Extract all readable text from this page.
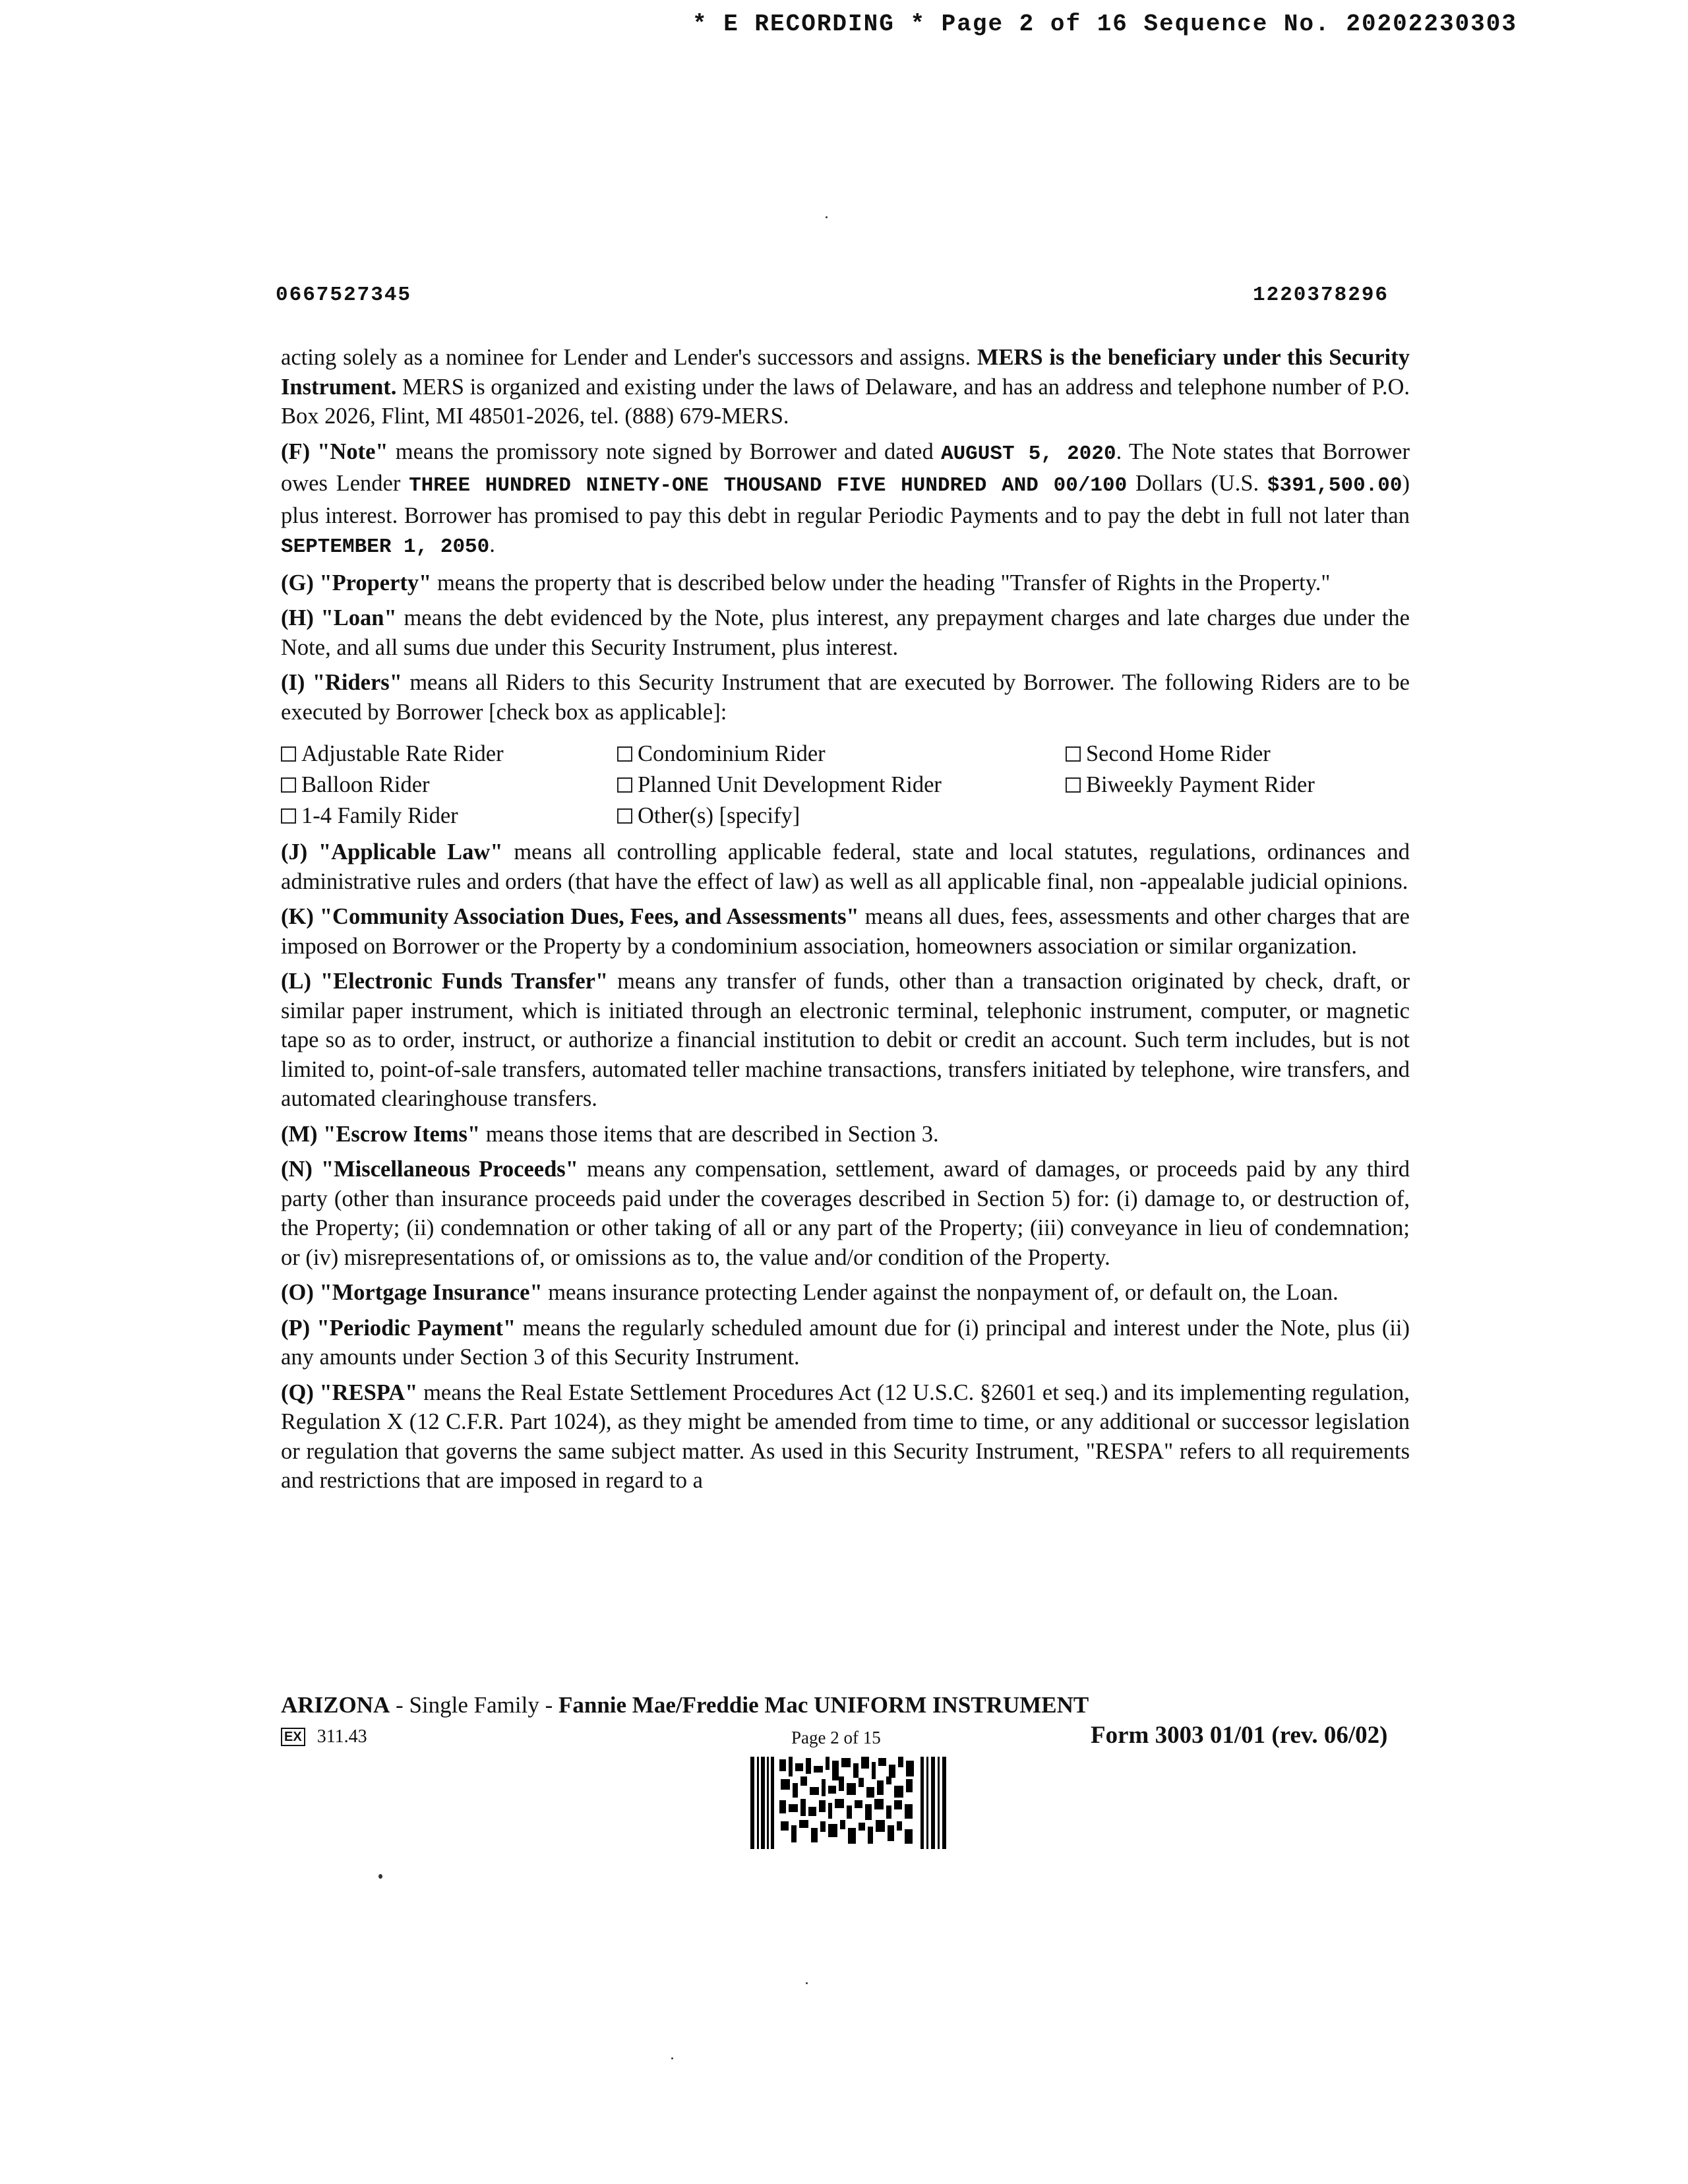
* E RECORDING * Page 2 of 16 Sequence No. 20202230303
0667527345	1220378296

acting solely as a nominee for Lender and Lender's successors and assigns. MERS is the beneficiary under this Security Instrument. MERS is organized and existing under the laws of Delaware, and has an address and telephone number of P.O. Box 2026, Flint, MI 48501-2026, tel. (888) 679-MERS.

(F) "Note" means the promissory note signed by Borrower and dated AUGUST 5, 2020. The Note states that Borrower owes Lender THREE HUNDRED NINETY-ONE THOUSAND FIVE HUNDRED AND 00/100 Dollars (U.S. $391,500.00) plus interest. Borrower has promised to pay this debt in regular Periodic Payments and to pay the debt in full not later than SEPTEMBER 1, 2050.

(G) "Property" means the property that is described below under the heading "Transfer of Rights in the Property."

(H) "Loan" means the debt evidenced by the Note, plus interest, any prepayment charges and late charges due under the Note, and all sums due under this Security Instrument, plus interest.

(I) "Riders" means all Riders to this Security Instrument that are executed by Borrower. The following Riders are to be executed by Borrower [check box as applicable]:

Adjustable Rate Rider	Condominium Rider	Second Home Rider
Balloon Rider	Planned Unit Development Rider	Biweekly Payment Rider
1-4 Family Rider	Other(s) [specify]

(J) "Applicable Law" means all controlling applicable federal, state and local statutes, regulations, ordinances and administrative rules and orders (that have the effect of law) as well as all applicable final, non -appealable judicial opinions.

(K) "Community Association Dues, Fees, and Assessments" means all dues, fees, assessments and other charges that are imposed on Borrower or the Property by a condominium association, homeowners association or similar organization.

(L) "Electronic Funds Transfer" means any transfer of funds, other than a transaction originated by check, draft, or similar paper instrument, which is initiated through an electronic terminal, telephonic instrument, computer, or magnetic tape so as to order, instruct, or authorize a financial institution to debit or credit an account. Such term includes, but is not limited to, point-of-sale transfers, automated teller machine transactions, transfers initiated by telephone, wire transfers, and automated clearinghouse transfers.

(M) "Escrow Items" means those items that are described in Section 3.

(N) "Miscellaneous Proceeds" means any compensation, settlement, award of damages, or proceeds paid by any third party (other than insurance proceeds paid under the coverages described in Section 5) for: (i) damage to, or destruction of, the Property; (ii) condemnation or other taking of all or any part of the Property; (iii) conveyance in lieu of condemnation; or (iv) misrepresentations of, or omissions as to, the value and/or condition of the Property.

(O) "Mortgage Insurance" means insurance protecting Lender against the nonpayment of, or default on, the Loan.

(P) "Periodic Payment" means the regularly scheduled amount due for (i) principal and interest under the Note, plus (ii) any amounts under Section 3 of this Security Instrument.

(Q) "RESPA" means the Real Estate Settlement Procedures Act (12 U.S.C. §2601 et seq.) and its implementing regulation, Regulation X (12 C.F.R. Part 1024), as they might be amended from time to time, or any additional or successor legislation or regulation that governs the same subject matter. As used in this Security Instrument, "RESPA" refers to all requirements and restrictions that are imposed in regard to a

ARIZONA - Single Family - Fannie Mae/Freddie Mac UNIFORM INSTRUMENT
EX 311.43	Page 2 of 15	Form 3003 01/01 (rev. 06/02)
